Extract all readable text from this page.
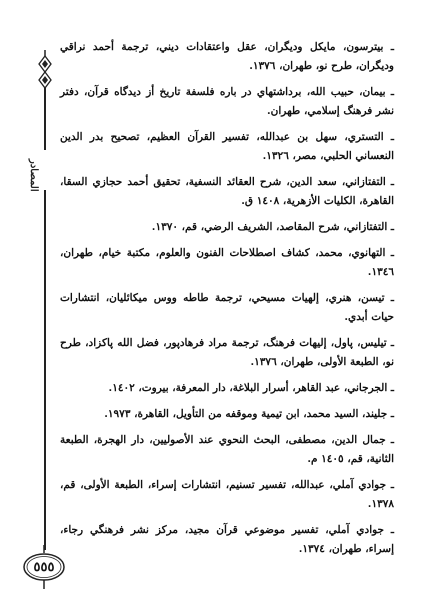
المصادر
٥٥٥
ـ بيترسون، مايكل وديگران، عقل واعتقادات ديني، ترجمة أحمد نراقي وديگران، طرح نو، طهران، ١٣٧٦.
ـ بيمان، حبيب الله، برداشتهاي در باره فلسفة تاريخ أز ديدگاه قرآن، دفتر نشر فرهنگ إسلامي، طهران.
ـ التستري، سهل بن عبدالله، تفسير القرآن العظيم، تصحيح بدر الدين النعساني الحلبي، مصر، ١٣٢٦.
ـ التفتازاني، سعد الدين، شرح العقائد النسفية، تحقيق أحمد حجازي السقا، القاهرة، الكليات الأزهرية، ١٤٠٨ ق.
ـ التفتازاني، شرح المقاصد، الشريف الرضي، قم، ١٣٧٠.
ـ التهانوي، محمد، كشاف اصطلاحات الفنون والعلوم، مكتبة خيام، طهران، ١٣٤٦.
ـ تيسن، هنري، إلهيات مسيحي، ترجمة طاطه ووس ميكائليان، انتشارات حيات أبدي.
ـ تيليس، پاول، إليهات فرهنگ، ترجمة مراد فرهادپور، فضل الله پاكزاد، طرح نو، الطبعة الأولى، طهران، ١٣٧٦.
ـ الجرجاني، عبد القاهر، أسرار البلاغة، دار المعرفة، بيروت، ١٤٠٢.
ـ جليند، السيد محمد، ابن تيمية وموقفه من التأويل، القاهرة، ١٩٧٣.
ـ جمال الدين، مصطفى، البحث النحوي عند الأصوليين، دار الهجرة، الطبعة الثانية، قم، ١٤٠٥ م.
ـ جوادي آملي، عبدالله، تفسير تسنيم، انتشارات إسراء، الطبعة الأولى، قم، ١٣٧٨.
ـ جوادي آملي، تفسير موضوعي قرآن مجيد، مركز نشر فرهنگي رجاء، إسراء، طهران، ١٣٧٤.
